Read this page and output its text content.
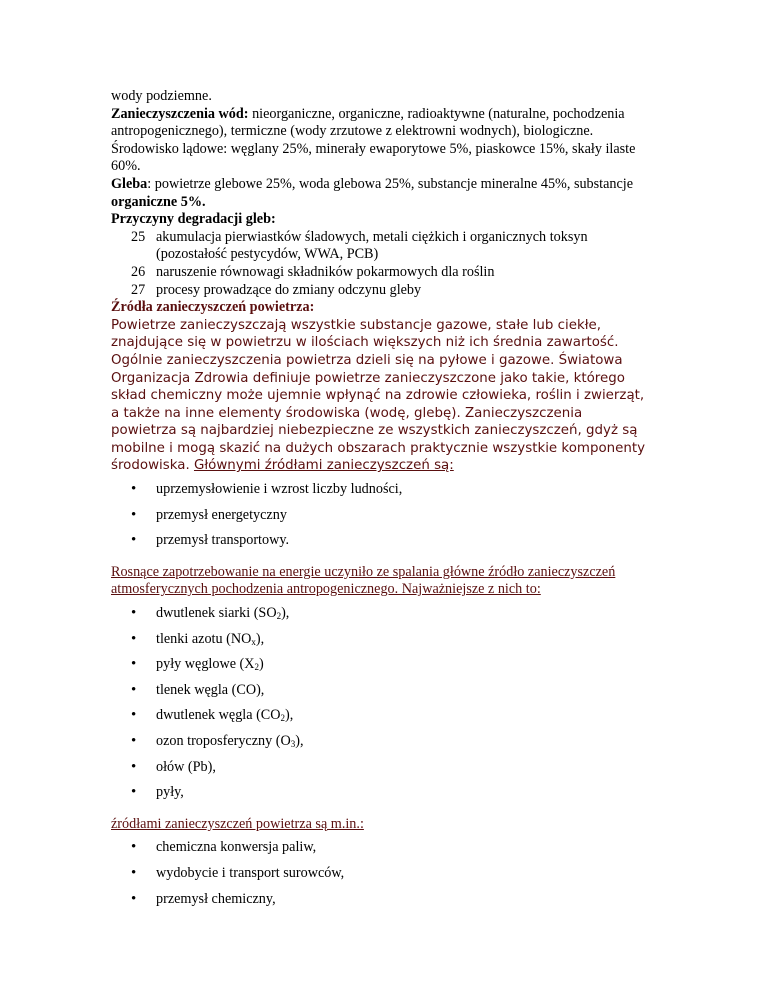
wody podziemne.

Zanieczyszczenia wód: nieorganiczne, organiczne, radioaktywne (naturalne, pochodzenia antropogenicznego), termiczne (wody zrzutowe z elektrowni wodnych), biologiczne.

Środowisko lądowe: węglany 25%, minerały ewaporytowe 5%, piaskowce 15%, skały ilaste 60%.

Gleba: powietrze glebowe 25%, woda glebowa 25%, substancje mineralne 45%, substancje organiczne 5%.

Przyczyny degradacji gleb:

25 akumulacja pierwiastków śladowych, metali ciężkich i organicznych toksyn (pozostałość pestycydów, WWA, PCB)
26 naruszenie równowagi składników pokarmowych dla roślin
27 procesy prowadzące do zmiany odczynu gleby

Źródła zanieczyszczeń powietrza:

Powietrze zanieczyszczają wszystkie substancje gazowe, stałe lub ciekłe, znajdujące się w powietrzu w ilościach większych niż ich średnia zawartość. Ogólnie zanieczyszczenia powietrza dzieli się na pyłowe i gazowe. Światowa Organizacja Zdrowia definiuje powietrze zanieczyszczone jako takie, którego skład chemiczny może ujemnie wpłynąć na zdrowie człowieka, roślin i zwierząt, a także na inne elementy środowiska (wodę, glebę). Zanieczyszczenia powietrza są najbardziej niebezpieczne ze wszystkich zanieczyszczeń, gdyż są mobilne i mogą skazić na dużych obszarach praktycznie wszystkie komponenty środowiska. Głównymi źródłami zanieczyszczeń są:

• uprzemysłowienie i wzrost liczby ludności,
• przemysł energetyczny
• przemysł transportowy.

Rosnące zapotrzebowanie na energie uczyniło ze spalania główne źródło zanieczyszczeń atmosferycznych pochodzenia antropogenicznego. Najważniejsze z nich to:

• dwutlenek siarki $(SO_2)$,
• tlenki azotu $(NO_x)$,
• pyły węglowe $(X_2)$
• tlenek węgla (CO),
• dwutlenek węgla $(CO_2)$,
• ozon troposferyczny $(O_3)$,
• ołów (Pb),
• pyły,

źródłami zanieczyszczeń powietrza są m.in.:

• chemiczna konwersja paliw,
• wydobycie i transport surowców,
• przemysł chemiczny,
